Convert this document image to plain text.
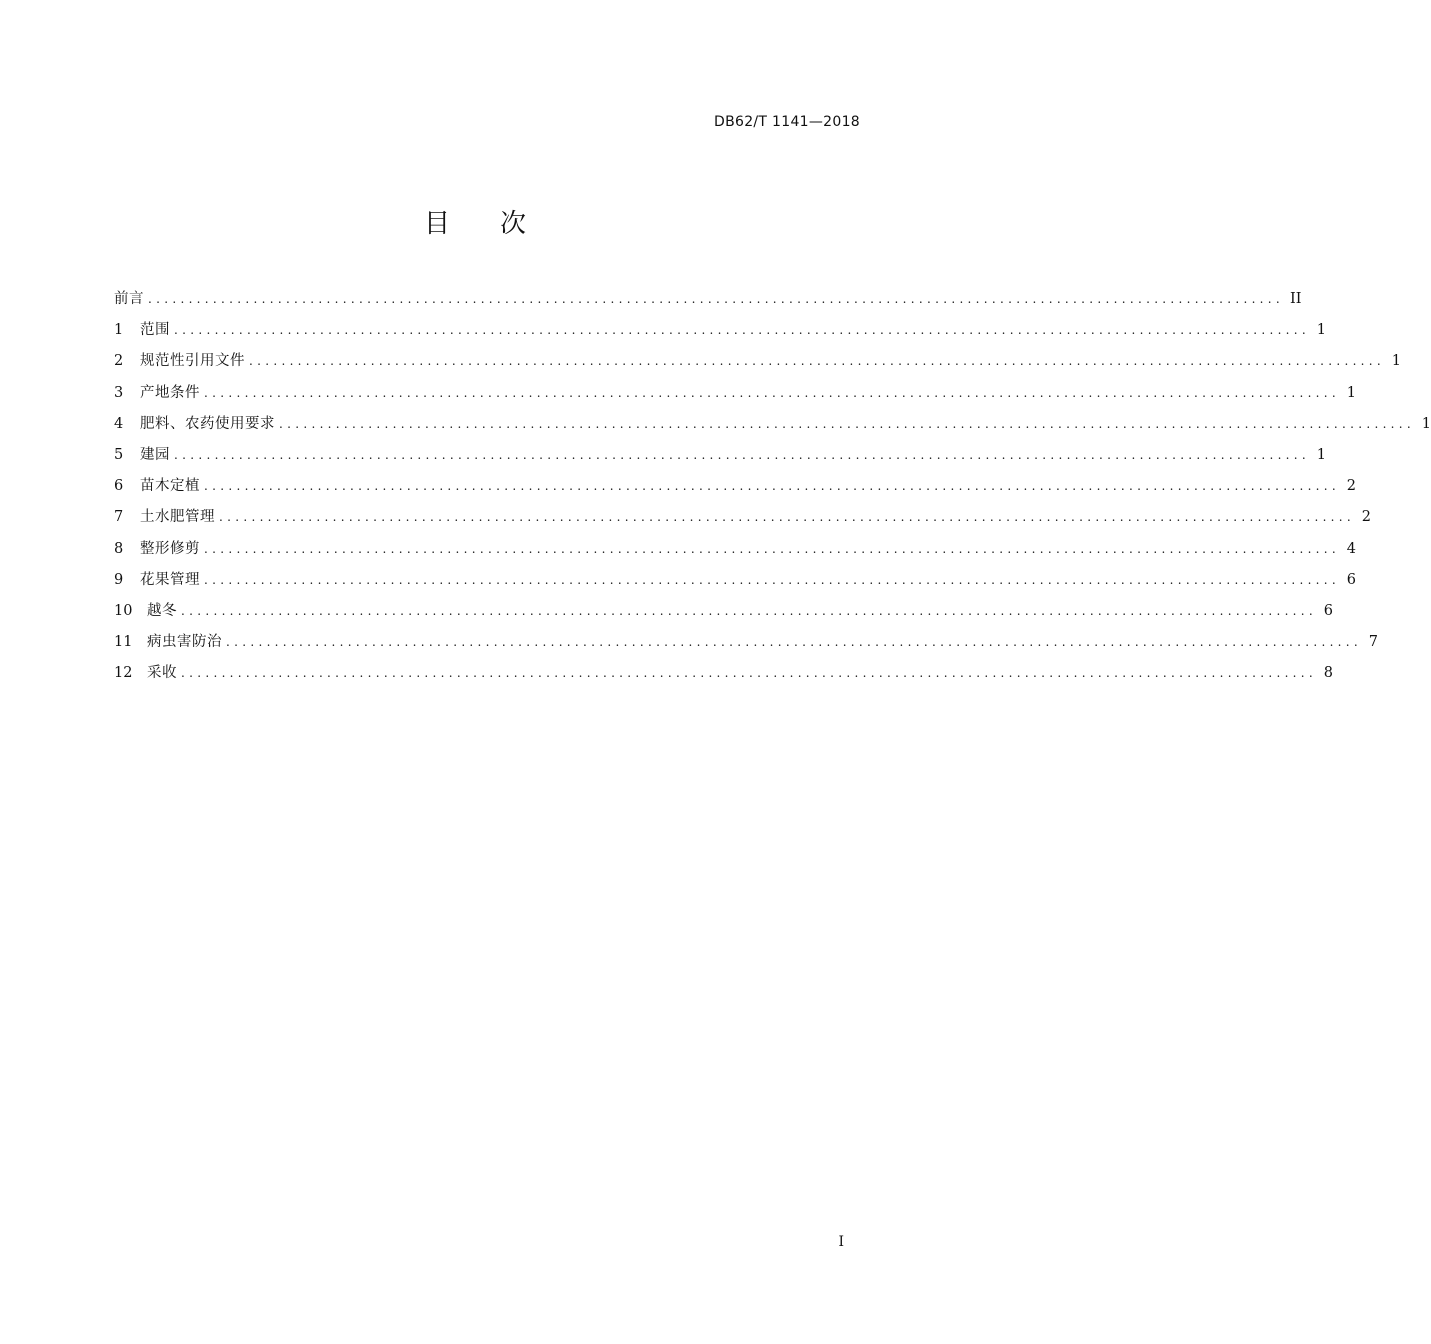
DB62/T 1141—2018
目 次
前言 ............................................................................................................................................ II
1	范围 ............................................................................................................................................ 1
2	规范性引用文件 ............................................................................................................................................ 1
3	产地条件 ............................................................................................................................................ 1
4	肥料、农药使用要求 ............................................................................................................................................ 1
5	建园 ............................................................................................................................................ 1
6	苗木定植 ............................................................................................................................................ 2
7	土水肥管理 ............................................................................................................................................ 2
8	整形修剪 ............................................................................................................................................ 4
9	花果管理 ............................................................................................................................................ 6
10	越冬 ............................................................................................................................................ 6
11	病虫害防治 ............................................................................................................................................ 7
12	采收 ............................................................................................................................................ 8
I
